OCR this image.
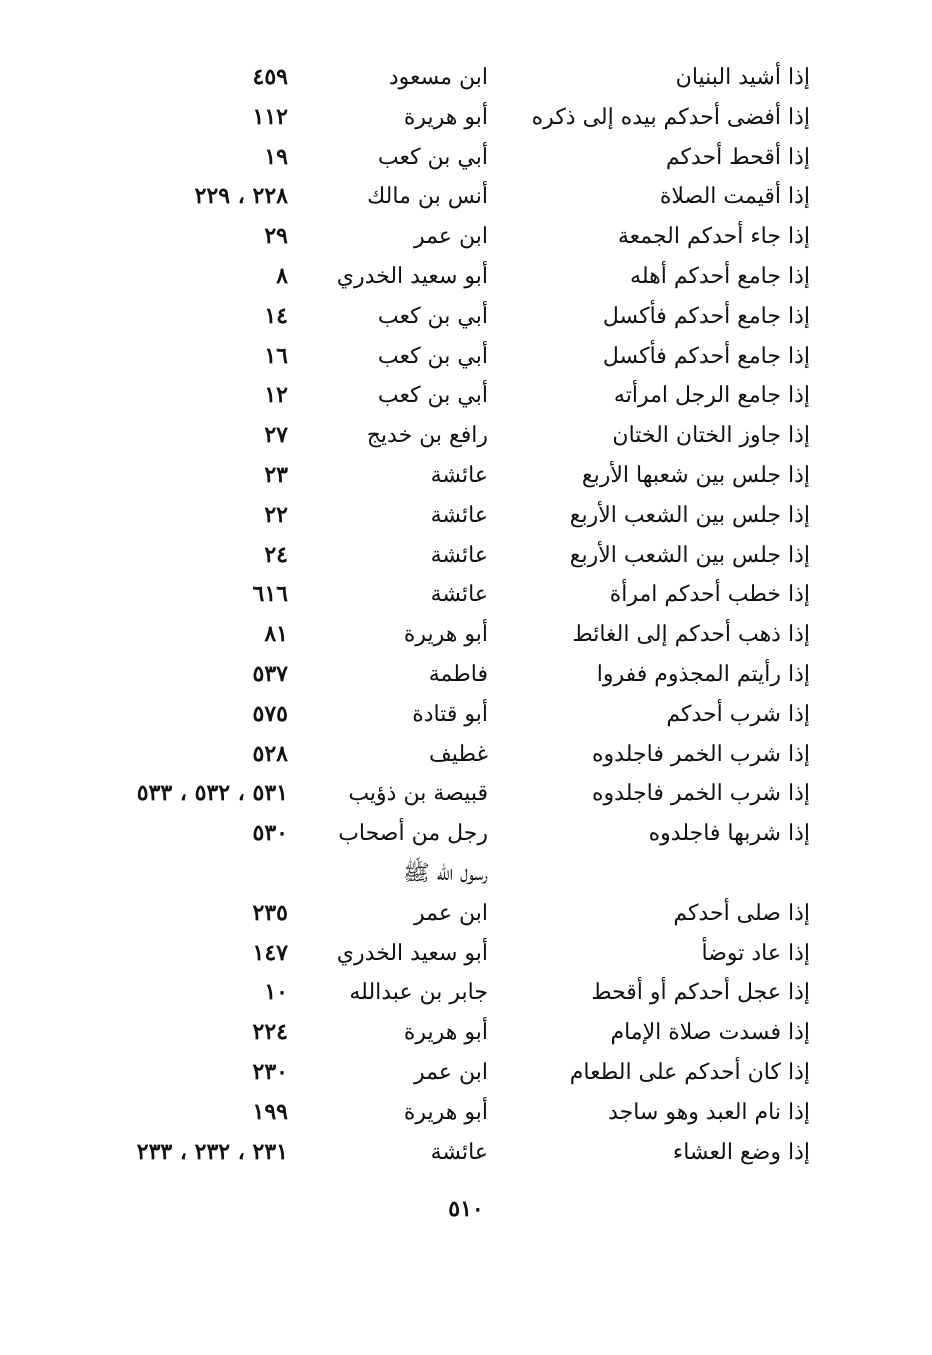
إذا أشيد البنيان
ابن مسعود
٤٥٩
إذا أفضى أحدكم بيده إلى ذكره
أبو هريرة
١١٢
إذا أقحط أحدكم
أبي بن كعب
١٩
إذا أقيمت الصلاة
أنس بن مالك
٢٢٨ ، ٢٢٩
إذا جاء أحدكم الجمعة
ابن عمر
٢٩
إذا جامع أحدكم أهله
أبو سعيد الخدري
٨
إذا جامع أحدكم فأكسل
أبي بن كعب
١٤
إذا جامع أحدكم فأكسل
أبي بن كعب
١٦
إذا جامع الرجل امرأته
أبي بن كعب
١٢
إذا جاوز الختان الختان
رافع بن خديج
٢٧
إذا جلس بين شعبها الأربع
عائشة
٢٣
إذا جلس بين الشعب الأربع
عائشة
٢٢
إذا جلس بين الشعب الأربع
عائشة
٢٤
إذا خطب أحدكم امرأة
عائشة
٦١٦
إذا ذهب أحدكم إلى الغائط
أبو هريرة
٨١
إذا رأيتم المجذوم ففروا
فاطمة
٥٣٧
إذا شرب أحدكم
أبو قتادة
٥٧٥
إذا شرب الخمر فاجلدوه
غطيف
٥٢٨
إذا شرب الخمر فاجلدوه
قبيصة بن ذؤيب
٥٣١ ، ٥٣٢ ، ٥٣٣
إذا شربها فاجلدوه
رجل من أصحاب
٥٣٠
رسول الله ﷺ
إذا صلى أحدكم
ابن عمر
٢٣٥
إذا عاد توضأ
أبو سعيد الخدري
١٤٧
إذا عجل أحدكم أو أقحط
جابر بن عبدالله
١٠
إذا فسدت صلاة الإمام
أبو هريرة
٢٢٤
إذا كان أحدكم على الطعام
ابن عمر
٢٣٠
إذا نام العبد وهو ساجد
أبو هريرة
١٩٩
إذا وضع العشاء
عائشة
٢٣١ ، ٢٣٢ ، ٢٣٣
٥١٠
